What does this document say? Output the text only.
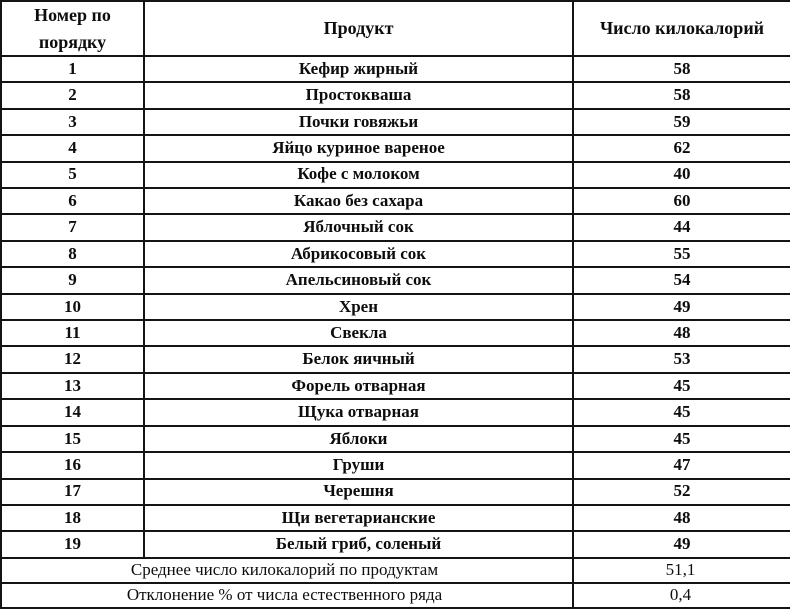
Номер по порядку	Продукт	Число килокалорий
1	Кефир жирный	58
2	Простокваша	58
3	Почки говяжьи	59
4	Яйцо куриное вареное	62
5	Кофе с молоком	40
6	Какао без сахара	60
7	Яблочный сок	44
8	Абрикосовый сок	55
9	Апельсиновый сок	54
10	Хрен	49
11	Свекла	48
12	Белок яичный	53
13	Форель отварная	45
14	Щука отварная	45
15	Яблоки	45
16	Груши	47
17	Черешня	52
18	Щи вегетарианские	48
19	Белый гриб, соленый	49
Среднее число килокалорий по продуктам		51,1
Отклонение % от числа естественного ряда		0,4
